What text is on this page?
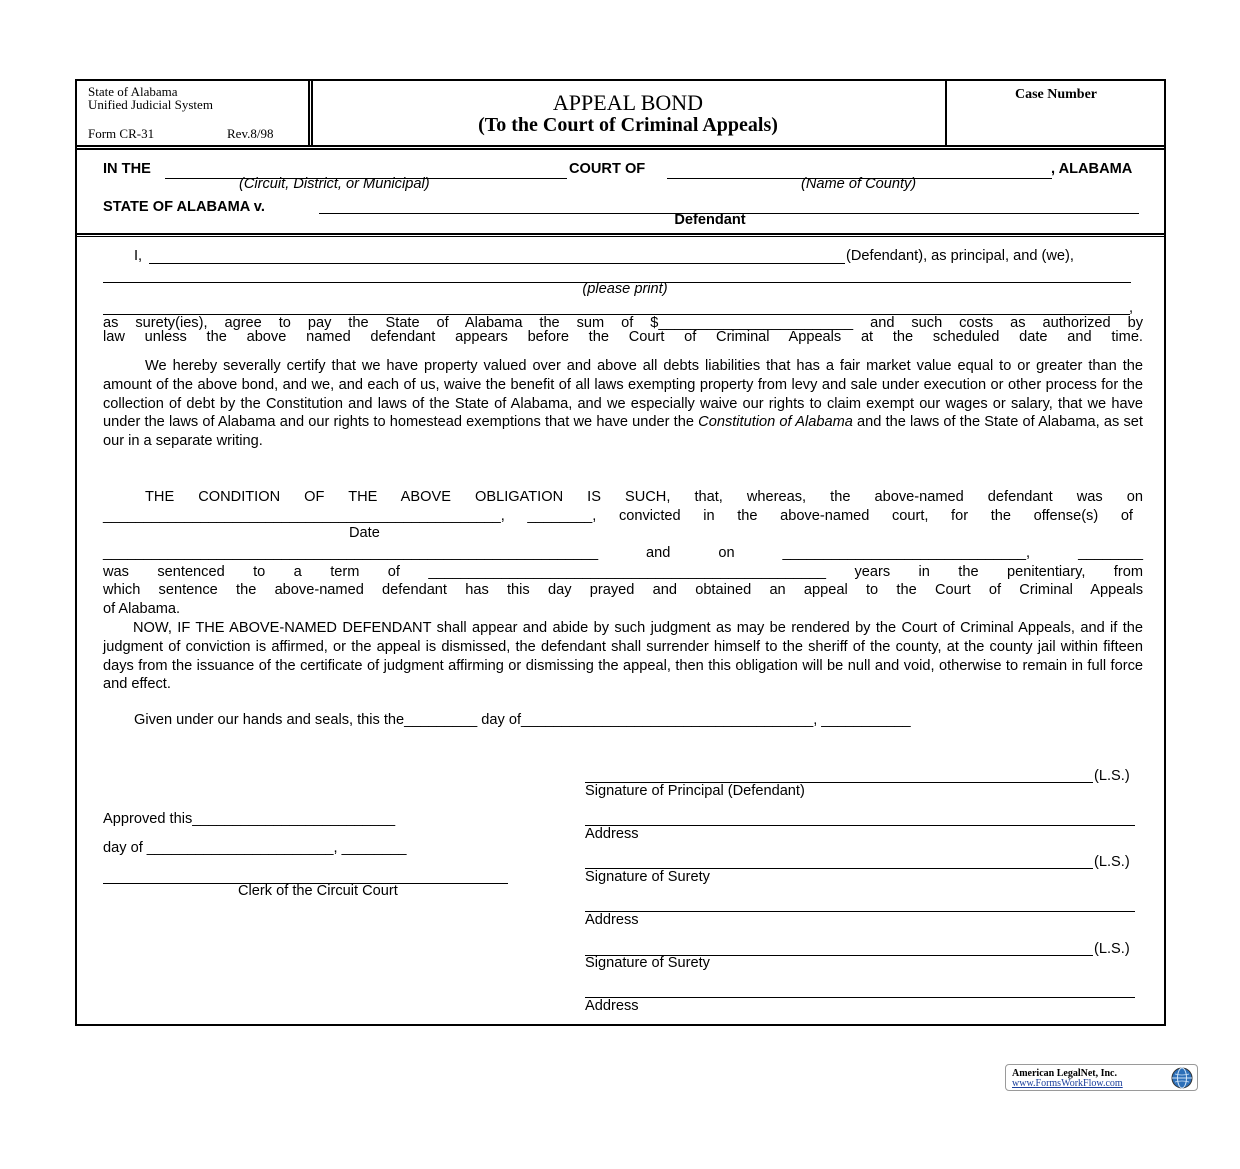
State of Alabama
Unified Judicial System
Form CR-31	Rev.8/98
APPEAL BOND
(To the Court of Criminal Appeals)
Case Number
IN THE	COURT OF	, ALABAMA
(Circuit, District, or Municipal)	(Name of County)
STATE OF ALABAMA v.
Defendant
I,	(Defendant), as principal, and (we),
(please print)
,
as surety(ies), agree to pay the State of Alabama the sum of $________________________ and such costs as authorized by
law unless the above named defendant appears before the Court of Criminal Appeals at the scheduled date and time.
We hereby severally certify that we have property valued over and above all debts liabilities that has a fair market value equal to or greater than the amount of the above bond, and we, and each of us, waive the benefit of all laws exempting property from levy and sale under execution or other process for the collection of debt by the Constitution and laws of the State of Alabama, and we especially waive our rights to claim exempt our wages or salary, that we have under the laws of Alabama and our rights to homestead exemptions that we have under the Constitution of Alabama and the laws of the State of Alabama, as set our in a separate writing.
THE CONDITION OF THE ABOVE OBLIGATION IS SUCH, that, whereas, the above-named defendant was on
_________________________________________________, ________, convicted in the above-named court, for the offense(s) of
Date
_____________________________________________________________ and on ______________________________, ________
was sentenced to a term of _________________________________________________ years in the penitentiary, from
which sentence the above-named defendant has this day prayed and obtained an appeal to the Court of Criminal Appeals
of Alabama.
NOW, IF THE ABOVE-NAMED DEFENDANT shall appear and abide by such judgment as may be rendered by the Court of Criminal Appeals, and if the judgment of conviction is affirmed, or the appeal is dismissed, the defendant shall surrender himself to the sheriff of the county, at the county jail within fifteen days from the issuance of the certificate of judgment affirming or dismissing the appeal, then this obligation will be null and void, otherwise to remain in full force and effect.
Given under our hands and seals, this the_________ day of____________________________________, ___________
(L.S.)
Signature of Principal (Defendant)
Address
(L.S.)
Signature of Surety
Address
(L.S.)
Signature of Surety
Address
Approved this_________________________
day of _______________________, ________
Clerk of the Circuit Court
American LegalNet, Inc.
www.FormsWorkFlow.com
